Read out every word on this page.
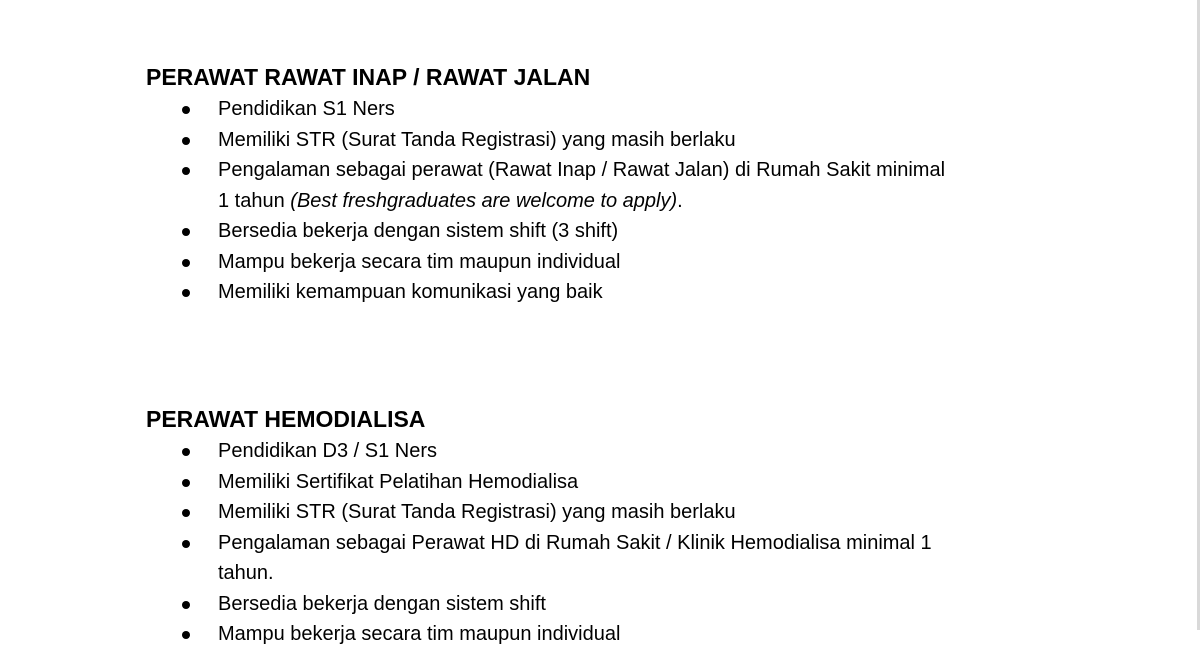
PERAWAT RAWAT INAP / RAWAT JALAN
Pendidikan S1 Ners
Memiliki STR (Surat Tanda Registrasi) yang masih berlaku
Pengalaman sebagai perawat (Rawat Inap / Rawat Jalan) di Rumah Sakit minimal 1 tahun (Best freshgraduates are welcome to apply).
Bersedia bekerja dengan sistem shift (3 shift)
Mampu bekerja secara tim maupun individual
Memiliki kemampuan komunikasi yang baik
PERAWAT HEMODIALISA
Pendidikan D3 / S1 Ners
Memiliki Sertifikat Pelatihan Hemodialisa
Memiliki STR (Surat Tanda Registrasi) yang masih berlaku
Pengalaman sebagai Perawat HD di Rumah Sakit / Klinik Hemodialisa minimal 1 tahun.
Bersedia bekerja dengan sistem shift
Mampu bekerja secara tim maupun individual
